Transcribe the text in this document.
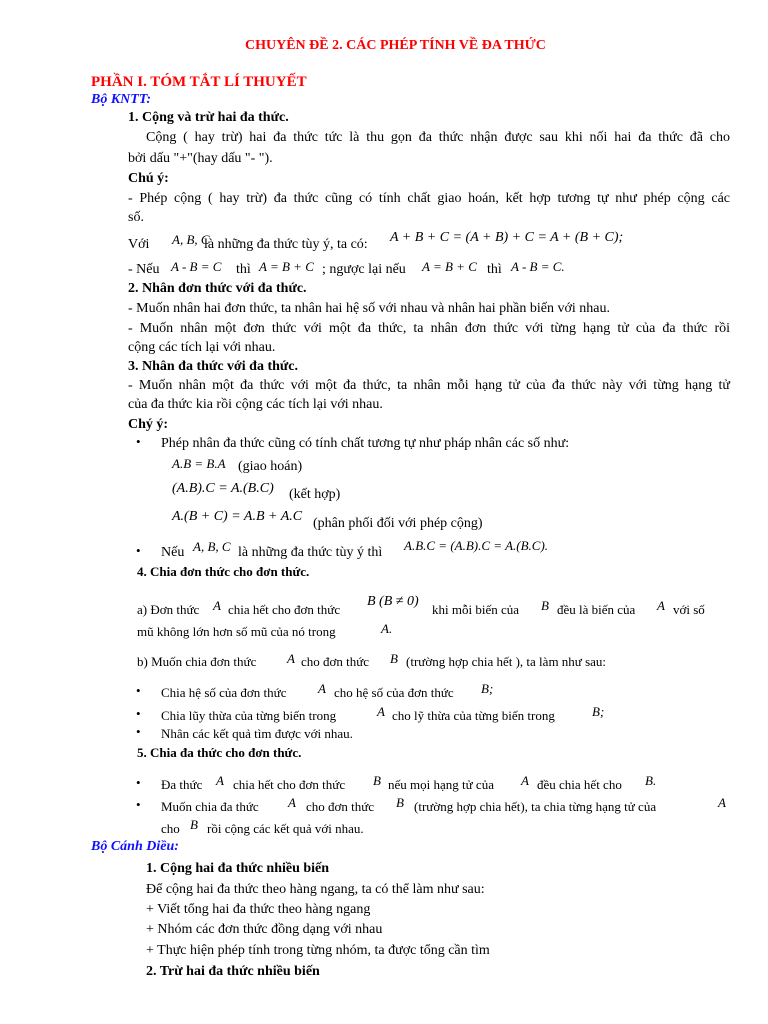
CHUYÊN ĐỀ 2. CÁC PHÉP TÍNH VỀ ĐA THỨC
PHẦN I. TÓM TẮT LÍ THUYẾT
Bộ KNTT:
1. Cộng và trừ hai đa thức.
Cộng ( hay trừ) hai đa thức tức là thu gọn đa thức nhận được sau khi nối hai đa thức đã cho
bởi dấu "+"(hay dấu "- ").
Chú ý:
- Phép cộng ( hay trừ) đa thức cũng có tính chất giao hoán, kết hợp tương tự như phép cộng các
số.
Với A, B, C
là những đa thức tùy ý, ta có: A + B + C = (A + B) + C = A + (B + C);
- Nếu A - B = C thì A = B + C ; ngược lại nếu A = B + C thì A - B = C.
2. Nhân đơn thức với đa thức.
- Muốn nhân hai đơn thức, ta nhân hai hệ số với nhau và nhân hai phần biến với nhau.
- Muốn nhân một đơn thức với một đa thức, ta nhân đơn thức với từng hạng tử của đa thức rồi
cộng các tích lại với nhau.
3. Nhân đa thức với đa thức.
- Muốn nhân một đa thức với một đa thức, ta nhân mỗi hạng tử của đa thức này với từng hạng tử
của đa thức kia rồi cộng các tích lại với nhau.
Chý ý:
• Phép nhân đa thức cũng có tính chất tương tự như pháp nhân các số như:
A.B = B.A (giao hoán)
(A.B).C = A.(B.C) (kết hợp)
A.(B + C) = A.B + A.C (phân phối đối với phép cộng)
• Nếu A, B, C là những đa thức tùy ý thì A.B.C = (A.B).C = A.(B.C).
4. Chia đơn thức cho đơn thức.
a) Đơn thức A chia hết cho đơn thức
B (B ≠ 0)
khi mỗi biến của B đều là biến của A với số
mũ không lớn hơn số mũ của nó trong	A.
b) Muốn chia đơn thức A cho đơn thức B (trường hợp chia hết ), ta làm như sau:
• Chia hệ số của đơn thức A cho hệ số của đơn thức B;
• Chia lũy thừa của từng biến trong	A cho lỹ thừa của từng biến trong	B;
• Nhân các kết quả tìm được với nhau.
5. Chia đa thức cho đơn thức.
• Đa thức A chia hết cho đơn thức B nếu mọi hạng tử của A đều chia hết cho B.
• Muốn chia đa thức A cho đơn thức B (trường hợp chia hết), ta chia từng hạng tử của	A
cho B rồi cộng các kết quả với nhau.
Bộ Cánh Diều:
1. Cộng hai đa thức nhiều biến
Để cộng hai đa thức theo hàng ngang, ta có thể làm như sau:
+ Viết tổng hai đa thức theo hàng ngang
+ Nhóm các đơn thức đồng dạng với nhau
+ Thực hiện phép tính trong từng nhóm, ta được tổng cần tìm
2. Trừ hai đa thức nhiều biến
